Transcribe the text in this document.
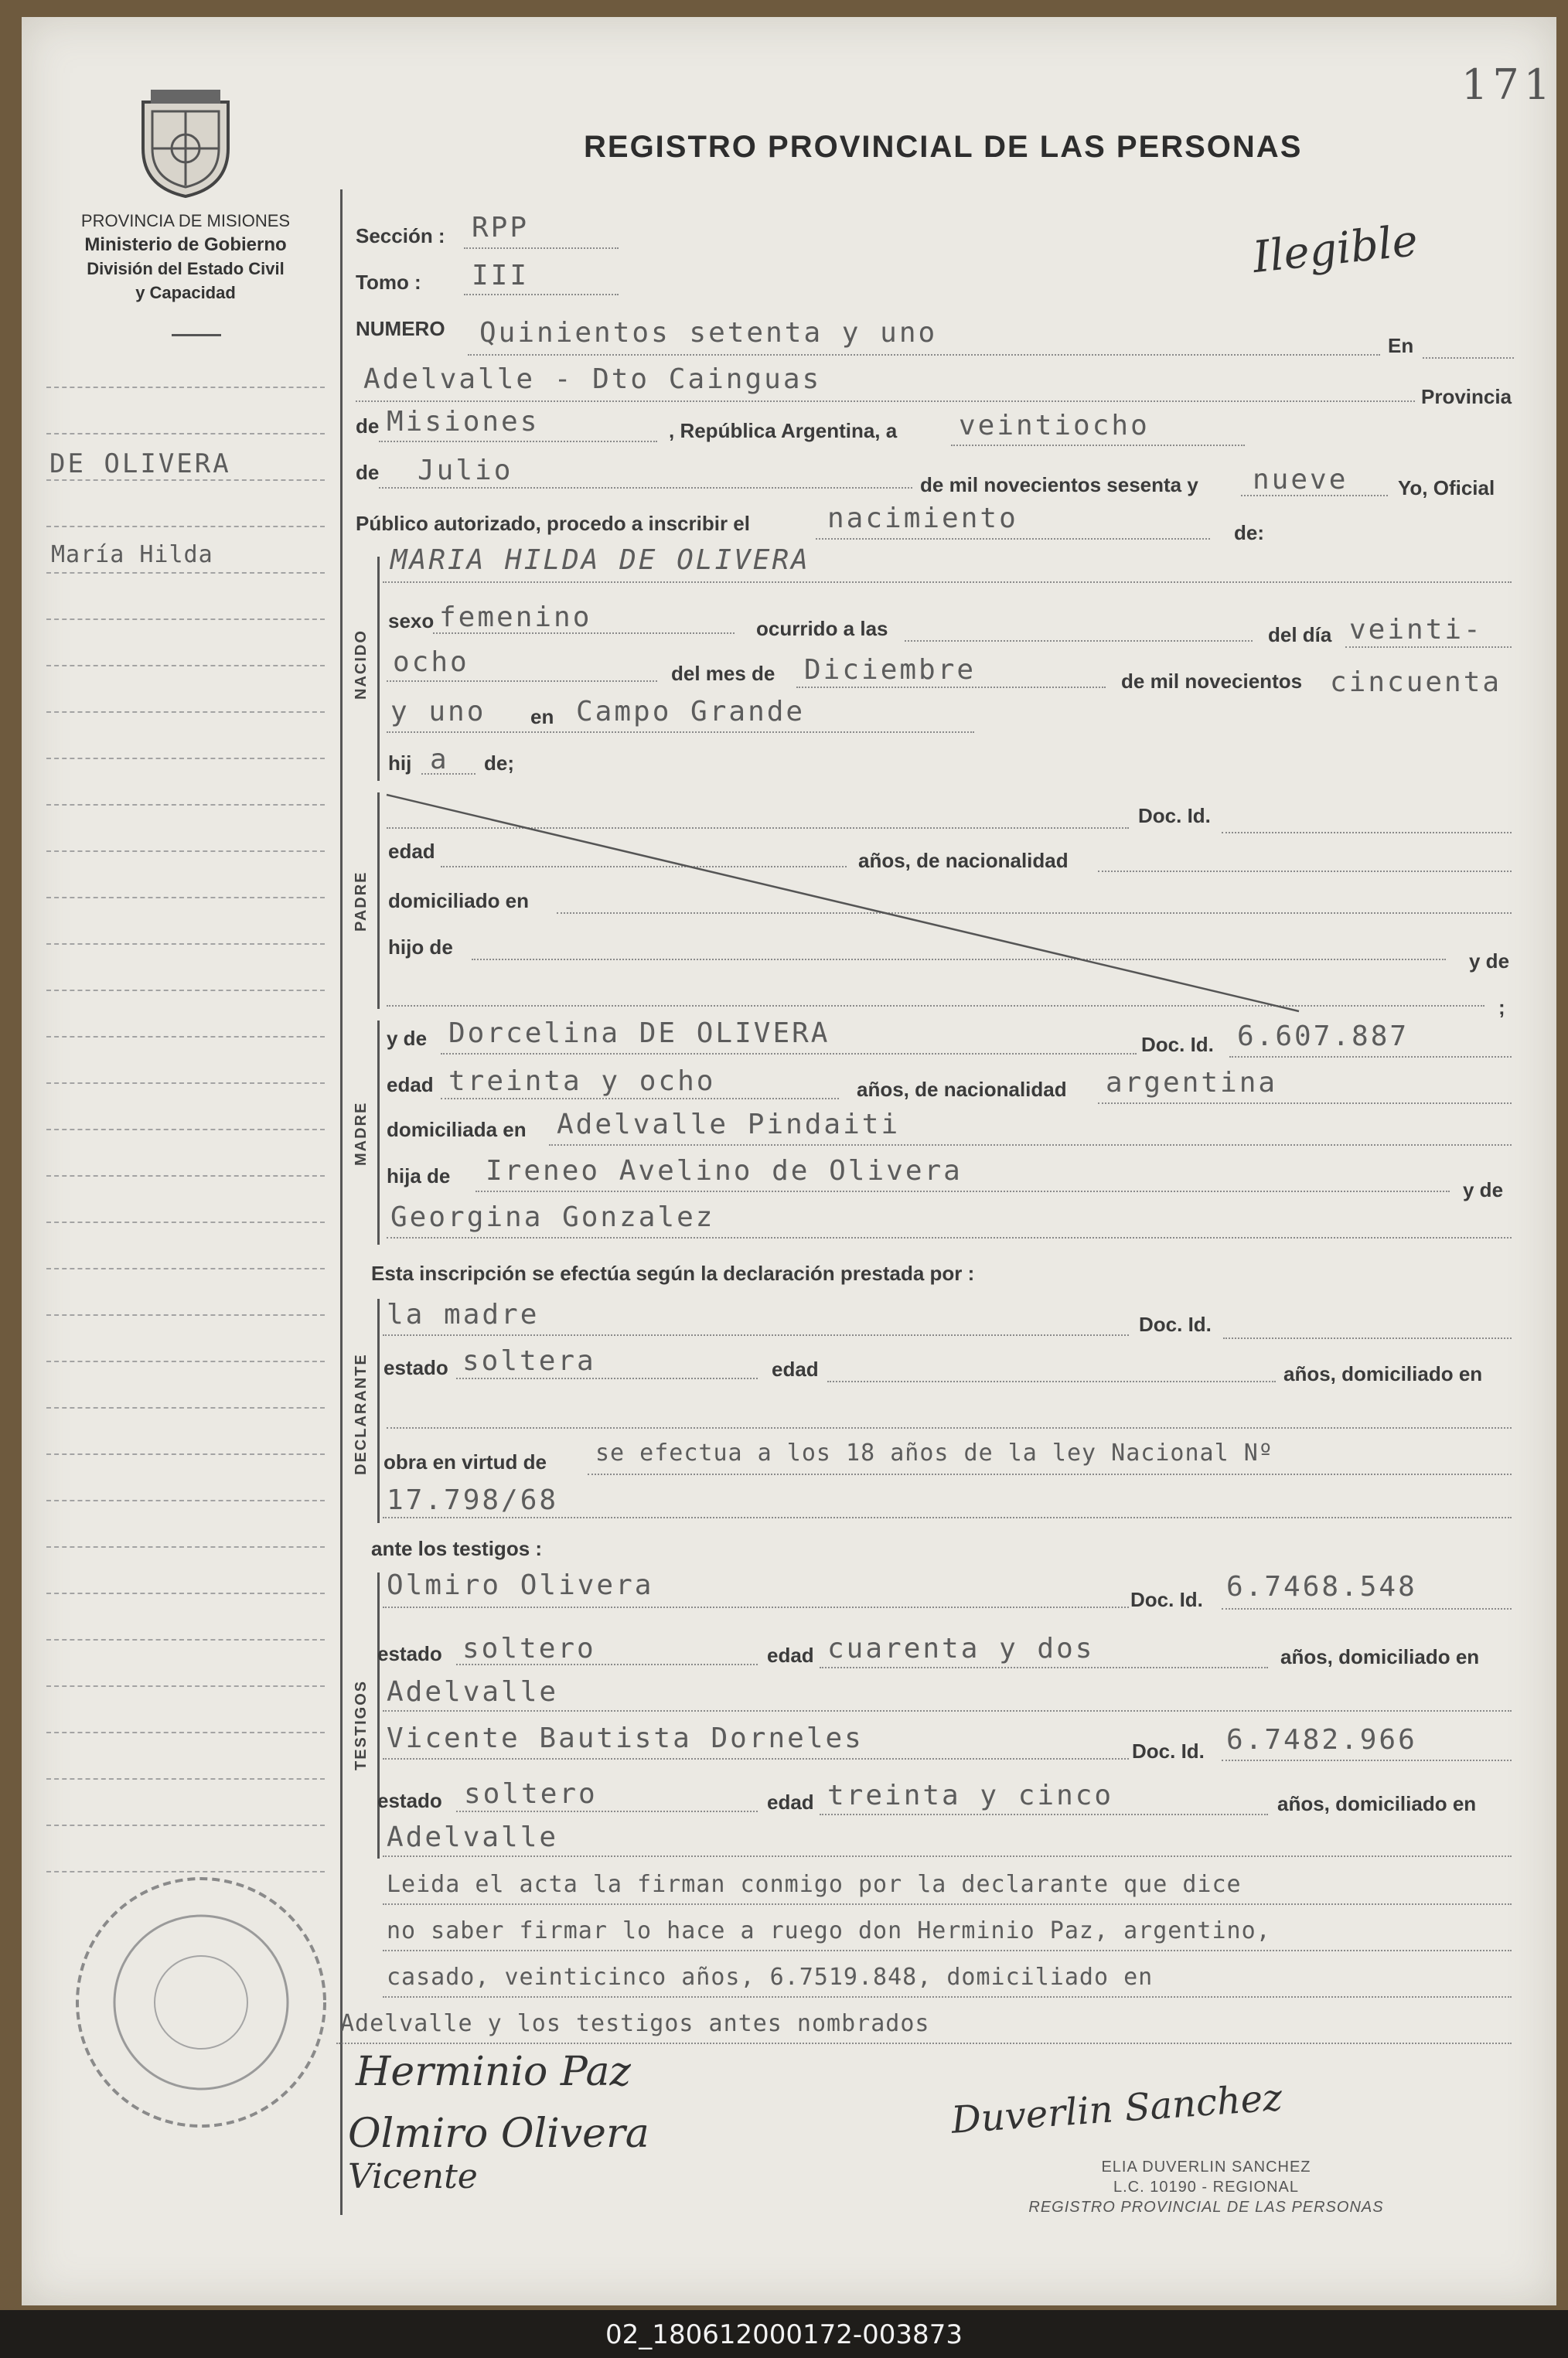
171
REGISTRO PROVINCIAL DE LAS PERSONAS
PROVINCIA DE MISIONES
Ministerio de Gobierno
División del Estado Civil
y Capacidad
DE OLIVERA
María Hilda
Sección : RPP
Tomo : III	Ilegible
NUMERO Quinientos setenta y uno	En
Adelvalle - Dto Cainguas
Provincia
de Misiones	, República Argentina, a veintiocho
de Julio	de mil novecientos sesenta y nueve Yo, Oficial
Público autorizado, procedo a inscribir el	nacimiento	de:
NACIDO
MARIA HILDA DE OLIVERA
sexo femenino	ocurrido a las	del día veinti-
ocho	del mes de Diciembre	de mil novecientos cincuenta
y uno en Campo Grande
hij a de;
PADRE
Doc. Id.
edad	años, de nacionalidad
domiciliado en
hijo de
y de
;
MADRE
y de Dorcelina DE OLIVERA	Doc. Id. 6.607.887
edad treinta y ocho	años, de nacionalidad argentina
domiciliada en Adelvalle Pindaiti
hija de Ireneo Avelino de Olivera
y de
Georgina Gonzalez
Esta inscripción se efectúa según la declaración prestada por :
DECLARANTE
la madre	Doc. Id.
estado soltera	edad	años, domiciliado en
obra en virtud de se efectua a los 18 años de la ley Nacional Nº
17.798/68
ante los testigos :
TESTIGOS
Olmiro Olivera	Doc. Id. 6.7468.548
estado soltero	edad cuarenta y dos	años, domiciliado en
Adelvalle
Vicente Bautista Dorneles	Doc. Id. 6.7482.966
estado soltero	edad treinta y cinco	años, domiciliado en
Adelvalle
Leida el acta la firman conmigo por la declarante que dice
no saber firmar lo hace a ruego don Herminio Paz, argentino,
casado, veinticinco años, 6.7519.848, domiciliado en
Adelvalle y los testigos antes nombrados
Herminio Paz
Olmiro Olivera
Vicente
Duverlin Sanchez
ELIA DUVERLIN SANCHEZ
L.C. 10190 - REGIONAL
REGISTRO PROVINCIAL DE LAS PERSONAS
02_180612000172-003873
